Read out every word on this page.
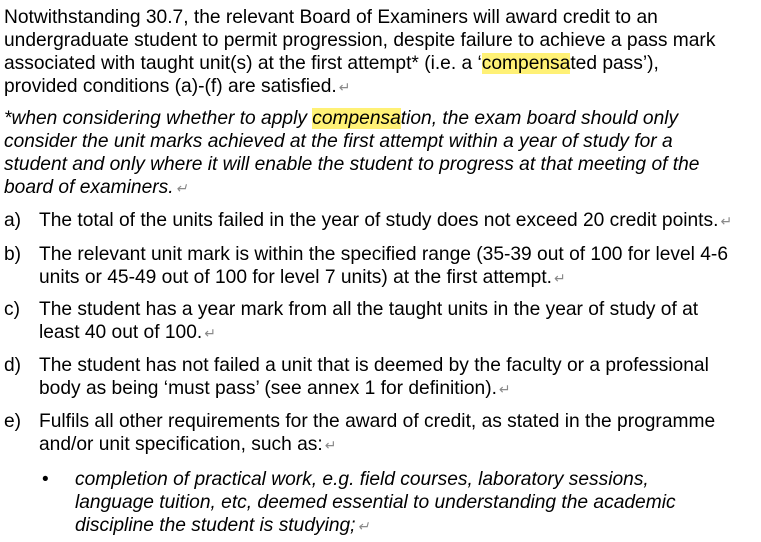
Notwithstanding 30.7, the relevant Board of Examiners will award credit to an
undergraduate student to permit progression, despite failure to achieve a pass mark
associated with taught unit(s) at the first attempt* (i.e. a ‘compensated pass’),
provided conditions (a)-(f) are satisfied. ↵
*when considering whether to apply compensation, the exam board should only
consider the unit marks achieved at the first attempt within a year of study for a
student and only where it will enable the student to progress at that meeting of the
board of examiners. ↵
a) The total of the units failed in the year of study does not exceed 20 credit points. ↵
b) The relevant unit mark is within the specified range (35-39 out of 100 for level 4-6
units or 45-49 out of 100 for level 7 units) at the first attempt. ↵
c) The student has a year mark from all the taught units in the year of study of at
least 40 out of 100. ↵
d) The student has not failed a unit that is deemed by the faculty or a professional
body as being ‘must pass’ (see annex 1 for definition). ↵
e) Fulfils all other requirements for the award of credit, as stated in the programme
and/or unit specification, such as: ↵
• completion of practical work, e.g. field courses, laboratory sessions,
language tuition, etc, deemed essential to understanding the academic
discipline the student is studying; ↵
